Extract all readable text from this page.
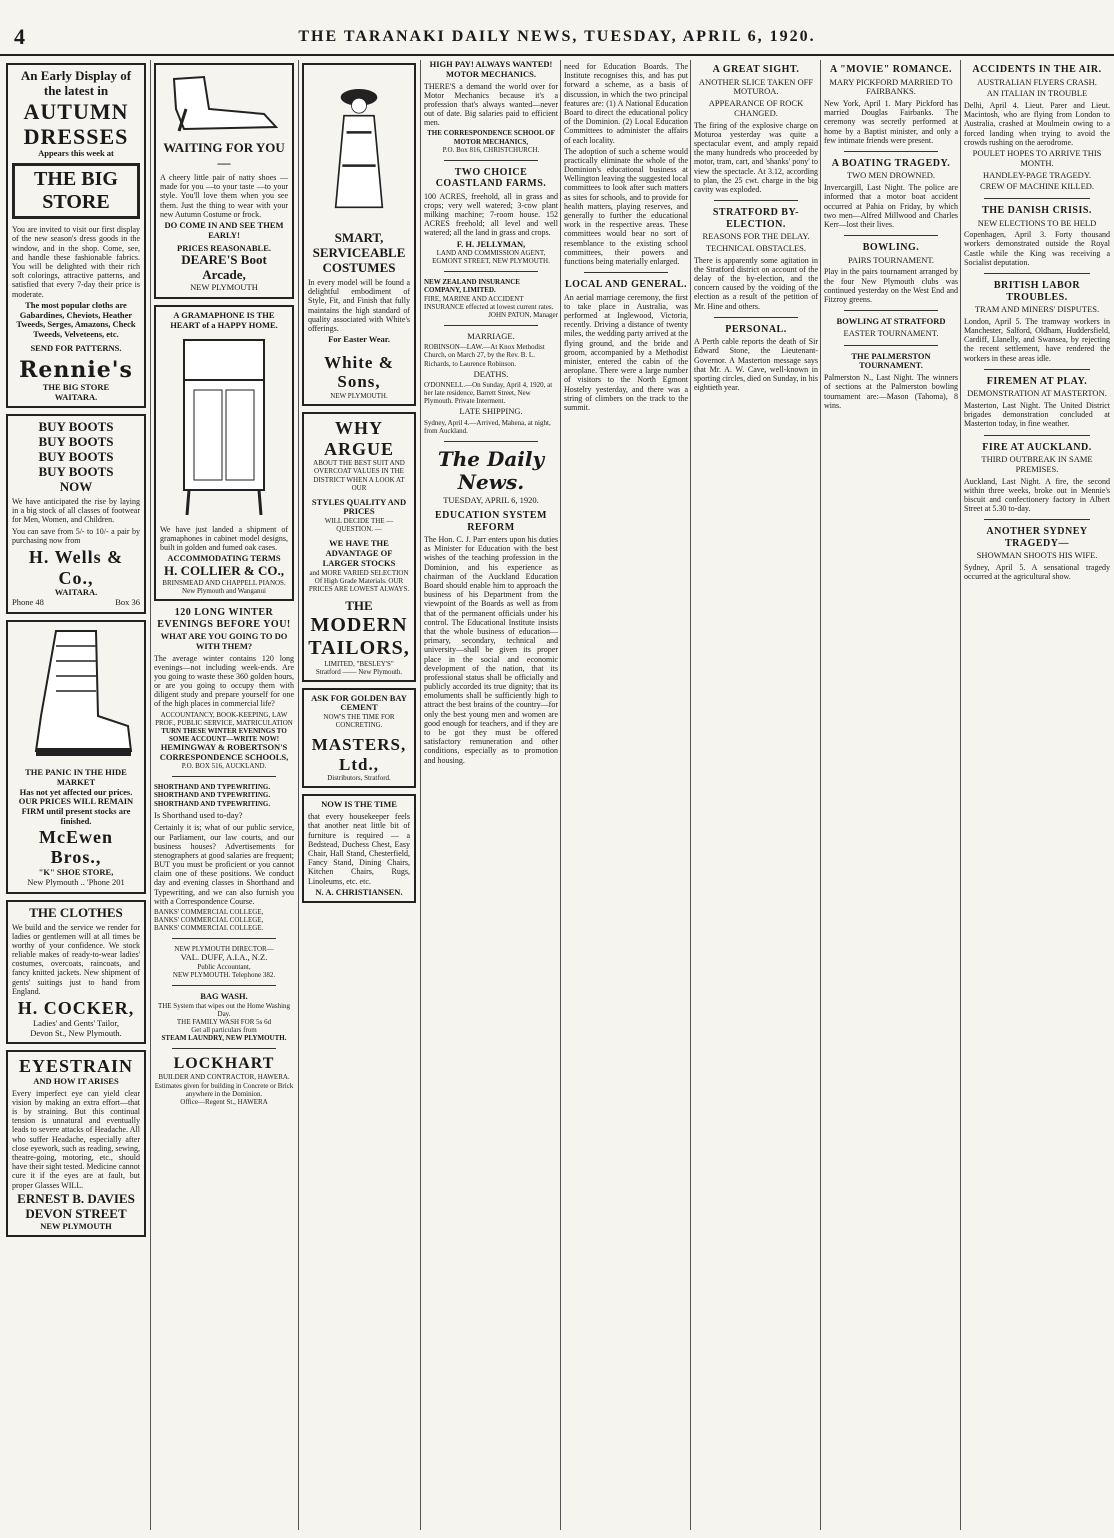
4	THE TARANAKI DAILY NEWS, TUESDAY, APRIL 6, 1920.
An Early Display of the latest in
AUTUMN
DRESSES
Appears this week at
THE BIG STORE
You are invited to visit our first display of the new season's dress goods in the window, and in the shop. Come, see, and handle these fashionable fabrics. You will be delighted with their rich soft colorings, attractive patterns, and satisfied that every 7-day their price is moderate.
The most popular cloths are Gabardines, Cheviots, Heather Tweeds, Serges, Amazons, Check Tweeds, Velveteens, etc.
SEND FOR PATTERNS.
Rennie's
THE BIG STORE
WAITARA.
BUY BOOTS
BUY BOOTS
BUY BOOTS
BUY BOOTS
NOW
We have anticipated the rise by laying in a big stock of all classes of footwear for Men, Women, and Children.
You can save from 5/- to 10/- a pair by purchasing now from
H. Wells & Co.,
WAITARA.
Phone 48	Box 36
THE PANIC IN THE HIDE MARKET
Has not yet affected our prices. OUR PRICES WILL REMAIN FIRM until present stocks are finished.
McEwen Bros.,
"K" SHOE STORE,
New Plymouth .. 'Phone 201
THE CLOTHES
We build and the service we render for ladies or gentlemen will at all times be worthy of your confidence. We stock reliable makes of ready-to-wear ladies' costumes, overcoats, raincoats, and fancy knitted jackets. New shipment of gents' suitings just to hand from England.
H. COCKER,
Ladies' and Gents' Tailor,
Devon St., New Plymouth.
EYESTRAIN
AND HOW IT ARISES
Every imperfect eye can yield clear vision by making an extra effort—that is by straining. But this continual tension is unnatural and eventually leads to severe attacks of Headache. All who suffer Headache, especially after close eyework, such as reading, sewing, theatre-going, motoring, etc., should have their sight tested. Medicine cannot cure it if the eyes are at fault, but proper Glasses WILL.
ERNEST B. DAVIES
DEVON STREET
NEW PLYMOUTH
WAITING FOR YOU—
A cheery little pair of natty shoes —made for you —to your taste —to your style. You'll love them when you see them. Just the thing to wear with your new Autumn Costume or frock.
DO COME IN AND SEE THEM EARLY!
PRICES REASONABLE.
DEARE'S Boot Arcade,
NEW PLYMOUTH
A GRAMAPHONE IS THE HEART of a HAPPY HOME.
We have just landed a shipment of gramaphones in cabinet model designs, built in golden and fumed oak cases.
ACCOMMODATING TERMS
H. COLLIER & CO.,
BRINSMEAD AND CHAPPELL PIANOS.
New Plymouth and Wanganui
120 LONG WINTER EVENINGS BEFORE YOU!
WHAT ARE YOU GOING TO DO WITH THEM?
The average winter contains 120 long evenings—not including week-ends. Are you going to waste these 360 golden hours, or are you going to occupy them with diligent study and prepare yourself for one of the high places in commercial life?
ACCOUNTANCY, BOOK-KEEPING, LAW PROF., PUBLIC SERVICE, MATRICULATION
TURN THESE WINTER EVENINGS TO SOME ACCOUNT—WRITE NOW!
HEMINGWAY & ROBERTSON'S CORRESPONDENCE SCHOOLS,
P.O. BOX 516, AUCKLAND.
SHORTHAND AND TYPEWRITING.
SHORTHAND AND TYPEWRITING.
SHORTHAND AND TYPEWRITING.
Is Shorthand used to-day?
Certainly it is; what of our public service, our Parliament, our law courts, and our business houses? Advertisements for stenographers at good salaries are frequent; BUT you must be proficient or you cannot claim one of these positions. We conduct day and evening classes in Shorthand and Typewriting, and we can also furnish you with a Correspondence Course.
BANKS' COMMERCIAL COLLEGE,
BANKS' COMMERCIAL COLLEGE,
BANKS' COMMERCIAL COLLEGE.
NEW PLYMOUTH DIRECTOR—
VAL. DUFF, A.I.A., N.Z.
Public Accountant,
NEW PLYMOUTH. Telephone 382.
BAG WASH.
THE System that wipes out the Home Washing Day.
THE FAMILY WASH FOR 5s 6d
Get all particulars from
STEAM LAUNDRY, NEW PLYMOUTH.
LOCKHART
BUILDER AND CONTRACTOR, HAWERA.
Estimates given for building in Concrete or Brick anywhere in the Dominion.
Office—Regent St., HAWERA
SMART, SERVICEABLE COSTUMES
In every model will be found a delightful embodiment of Style, Fit, and Finish that fully maintains the high standard of quality associated with White's offerings.
For Easter Wear.
White & Sons,
NEW PLYMOUTH.
WHY ARGUE
ABOUT THE BEST SUIT AND OVERCOAT VALUES IN THE DISTRICT WHEN A LOOK AT OUR
STYLES QUALITY AND PRICES
WILL DECIDE THE — QUESTION. —
WE HAVE THE ADVANTAGE OF LARGER STOCKS
and MORE VARIED SELECTION Of High Grade Materials. OUR PRICES ARE LOWEST ALWAYS.
THE
MODERN TAILORS,
LIMITED, "BESLEY'S"
Stratford —— New Plymouth.
ASK FOR GOLDEN BAY CEMENT
NOW'S THE TIME FOR CONCRETING.
MASTERS, Ltd.,
Distributors, Stratford.
NOW IS THE TIME
that every housekeeper feels that another neat little bit of furniture is required — a Bedstead, Duchess Chest, Easy Chair, Hall Stand, Chesterfield, Fancy Stand, Dining Chairs, Kitchen Chairs, Rugs, Linoleums, etc. etc.
N. A. CHRISTIANSEN.
HIGH PAY! ALWAYS WANTED! MOTOR MECHANICS.
THERE'S a demand the world over for Motor Mechanics because it's a profession that's always wanted—never out of date. Big salaries paid to efficient men.
THE CORRESPONDENCE SCHOOL OF MOTOR MECHANICS,
P.O. Box 816, CHRISTCHURCH.
TWO CHOICE COASTLAND FARMS.
100 ACRES, freehold, all in grass and crops; very well watered; 3-cow plant milking machine; 7-room house. 152 ACRES freehold; all level and well watered; all the land in grass and crops.
F. H. JELLYMAN,
LAND AND COMMISSION AGENT, EGMONT STREET, NEW PLYMOUTH.
NEW ZEALAND INSURANCE COMPANY, LIMITED.
FIRE, MARINE AND ACCIDENT INSURANCE effected at lowest current rates.
JOHN PATON, Manager
MARRIAGE.
ROBINSON—LAW.—At Knox Methodist Church, on March 27, by the Rev. B. L. Richards, to Laurence Robinson.
DEATHS.
O'DONNELL.—On Sunday, April 4, 1920, at her late residence, Barrett Street, New Plymouth. Private Interment.
LATE SHIPPING.
Sydney, April 4.—Arrived, Mahena, at night, from Auckland.
The Daily News.
TUESDAY, APRIL 6, 1920.
EDUCATION SYSTEM REFORM
The Hon. C. J. Parr enters upon his duties as Minister for Education with the best wishes of the teaching profession in the Dominion, and his experience as chairman of the Auckland Education Board should enable him to approach the business of his Department from the viewpoint of the Boards as well as from that of the permanent officials under his control. The Educational Institute insists that the whole business of education—primary, secondary, technical and university—shall be given its proper place in the social and economic development of the nation, that its professional status shall be officially and publicly accorded its true dignity; that its emoluments shall be sufficiently high to attract the best brains of the country—for only the best young men and women are good enough for teachers, and if they are to be got they must be offered satisfactory remuneration and other conditions, especially as to promotion and housing.
need for Education Boards. The Institute recognises this, and has put forward a scheme, as a basis of discussion, in which the two principal features are: (1) A National Education Board to direct the educational policy of the Dominion. (2) Local Education Committees to administer the affairs of each locality.
The adoption of such a scheme would practically eliminate the whole of the Dominion's educational business at Wellington leaving the suggested local committees to look after such matters as sites for schools, and to provide for health matters, playing reserves, and generally to further the educational work in the respective areas. These committees would bear no sort of resemblance to the existing school committees, their powers and functions being materially enlarged.
LOCAL AND GENERAL.
An aerial marriage ceremony, the first to take place in Australia, was performed at Inglewood, Victoria, recently. Driving a distance of twenty miles, the wedding party arrived at the flying ground, and the bride and groom, accompanied by a Methodist minister, entered the cabin of the aeroplane. There were a large number of visitors to the North Egmont Hostelry yesterday, and there was a string of climbers on the track to the summit.
A GREAT SIGHT.
ANOTHER SLICE TAKEN OFF MOTUROA.
APPEARANCE OF ROCK CHANGED.
The firing of the explosive charge on Moturoa yesterday was quite a spectacular event, and amply repaid the many hundreds who proceeded by motor, tram, cart, and 'shanks' pony' to view the spectacle. At 3.12, according to plan, the 25 cwt. charge in the big cavity was exploded.
STRATFORD BY-ELECTION.
REASONS FOR THE DELAY.
TECHNICAL OBSTACLES.
There is apparently some agitation in the Stratford district on account of the delay of the by-election, and the concern caused by the voiding of the election as a result of the petition of Mr. Hine and others.
PERSONAL.
A Perth cable reports the death of Sir Edward Stone, the Lieutenant-Governor. A Masterton message says that Mr. A. W. Cave, well-known in sporting circles, died on Sunday, in his eightieth year.
A "MOVIE" ROMANCE.
MARY PICKFORD MARRIED TO FAIRBANKS.
New York, April 1. Mary Pickford has married Douglas Fairbanks. The ceremony was secretly performed at home by a Baptist minister, and only a few intimate friends were present.
A BOATING TRAGEDY.
TWO MEN DROWNED.
Invercargill, Last Night. The police are informed that a motor boat accident occurred at Pahia on Friday, by which two men—Alfred Millwood and Charles Kerr—lost their lives.
BOWLING.
PAIRS TOURNAMENT.
Play in the pairs tournament arranged by the four New Plymouth clubs was continued yesterday on the West End and Fitzroy greens.
BOWLING AT STRATFORD
EASTER TOURNAMENT.
THE PALMERSTON TOURNAMENT.
Palmerston N., Last Night. The winners of sections at the Palmerston bowling tournament are:—Mason (Tahoma), 8 wins.
ACCIDENTS IN THE AIR.
AUSTRALIAN FLYERS CRASH.
AN ITALIAN IN TROUBLE
Delhi, April 4. Lieut. Parer and Lieut. Macintosh, who are flying from London to Australia, crashed at Moulmein owing to a forced landing when trying to avoid the crowds rushing on the aerodrome.
POULET HOPES TO ARRIVE THIS MONTH.
HANDLEY-PAGE TRAGEDY.
CREW OF MACHINE KILLED.
THE DANISH CRISIS.
NEW ELECTIONS TO BE HELD
Copenhagen, April 3. Forty thousand workers demonstrated outside the Royal Castle while the King was receiving a Socialist deputation.
BRITISH LABOR TROUBLES.
TRAM AND MINERS' DISPUTES.
London, April 5. The tramway workers in Manchester, Salford, Oldham, Huddersfield, Cardiff, Llanelly, and Swansea, by rejecting the recent settlement, have rendered the workers in these areas idle.
FIREMEN AT PLAY.
DEMONSTRATION AT MASTERTON.
Masterton, Last Night. The United District brigades demonstration concluded at Masterton today, in fine weather.
FIRE AT AUCKLAND.
THIRD OUTBREAK IN SAME PREMISES.
Auckland, Last Night. A fire, the second within three weeks, broke out in Mennie's biscuit and confectionery factory in Albert Street at 5.30 to-day.
ANOTHER SYDNEY TRAGEDY—
SHOWMAN SHOOTS HIS WIFE.
Sydney, April 5. A sensational tragedy occurred at the agricultural show.
